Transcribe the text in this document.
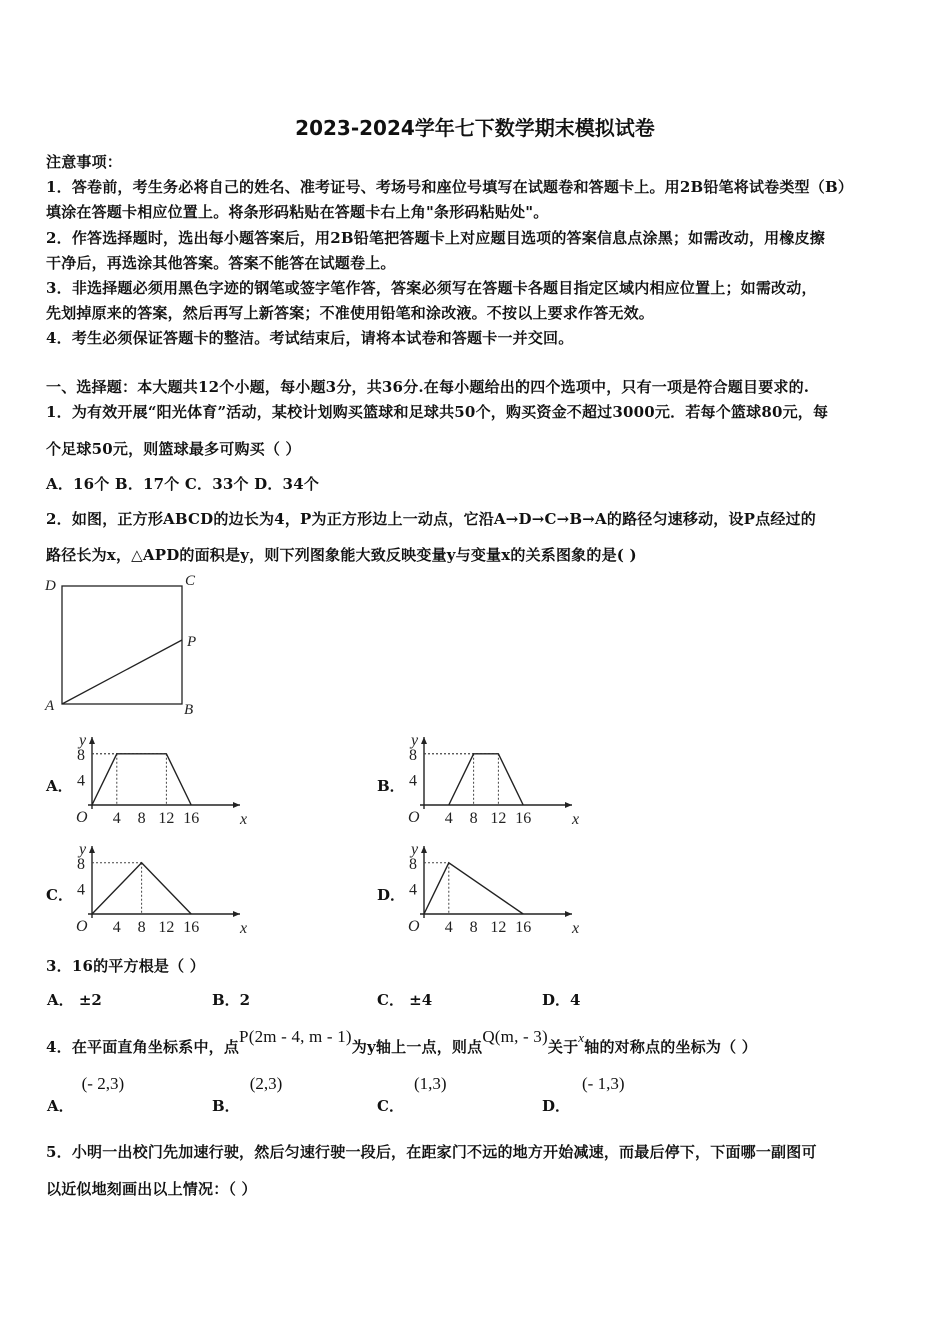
2023-2024学年七下数学期末模拟试卷
注意事项：
1．答卷前，考生务必将自己的姓名、准考证号、考场号和座位号填写在试题卷和答题卡上。用2B铅笔将试卷类型（B）
填涂在答题卡相应位置上。将条形码粘贴在答题卡右上角"条形码粘贴处"。
2．作答选择题时，选出每小题答案后，用2B铅笔把答题卡上对应题目选项的答案信息点涂黑；如需改动，用橡皮擦
干净后，再选涂其他答案。答案不能答在试题卷上。
3．非选择题必须用黑色字迹的钢笔或签字笔作答，答案必须写在答题卡各题目指定区域内相应位置上；如需改动，
先划掉原来的答案，然后再写上新答案；不准使用铅笔和涂改液。不按以上要求作答无效。
4．考生必须保证答题卡的整洁。考试结束后，请将本试卷和答题卡一并交回。
一、选择题：本大题共12个小题，每小题3分，共36分.在每小题给出的四个选项中，只有一项是符合题目要求的.
1．为有效开展“阳光体育”活动，某校计划购买篮球和足球共50个，购买资金不超过3000元．若每个篮球80元，每
个足球50元，则篮球最多可购买（ ）
A．16个 B．17个 C．33个 D．34个
2．如图，正方形ABCD的边长为4，P为正方形边上一动点，它沿A→D→C→B→A的路径匀速移动，设P点经过的
路径长为x，△APD的面积是y，则下列图象能大致反映变量y与变量x的关系图象的是( )
D	C
P
A	B
A．
y
x
O 4 8 12 16
4
8
B．
y
x
O 4 8 12 16
4
8
C．
y
x
O 4 8 12 16
4
8
D．
y
x
O 4 8 12 16
4
8
3．16的平方根是（ ）
A． ±2	B．2	C． ±4	D．4
4．在平面直角坐标系中，点P(2m - 4, m - 1)为y轴上一点，则点Q(m, - 3)关于x轴的对称点的坐标为（ ）
A．(- 2,3)
B．(2,3)
C．(1,3)
D．(- 1,3)
5．小明一出校门先加速行驶，然后匀速行驶一段后，在距家门不远的地方开始减速，而最后停下，下面哪一副图可
以近似地刻画出以上情况：（ ）
